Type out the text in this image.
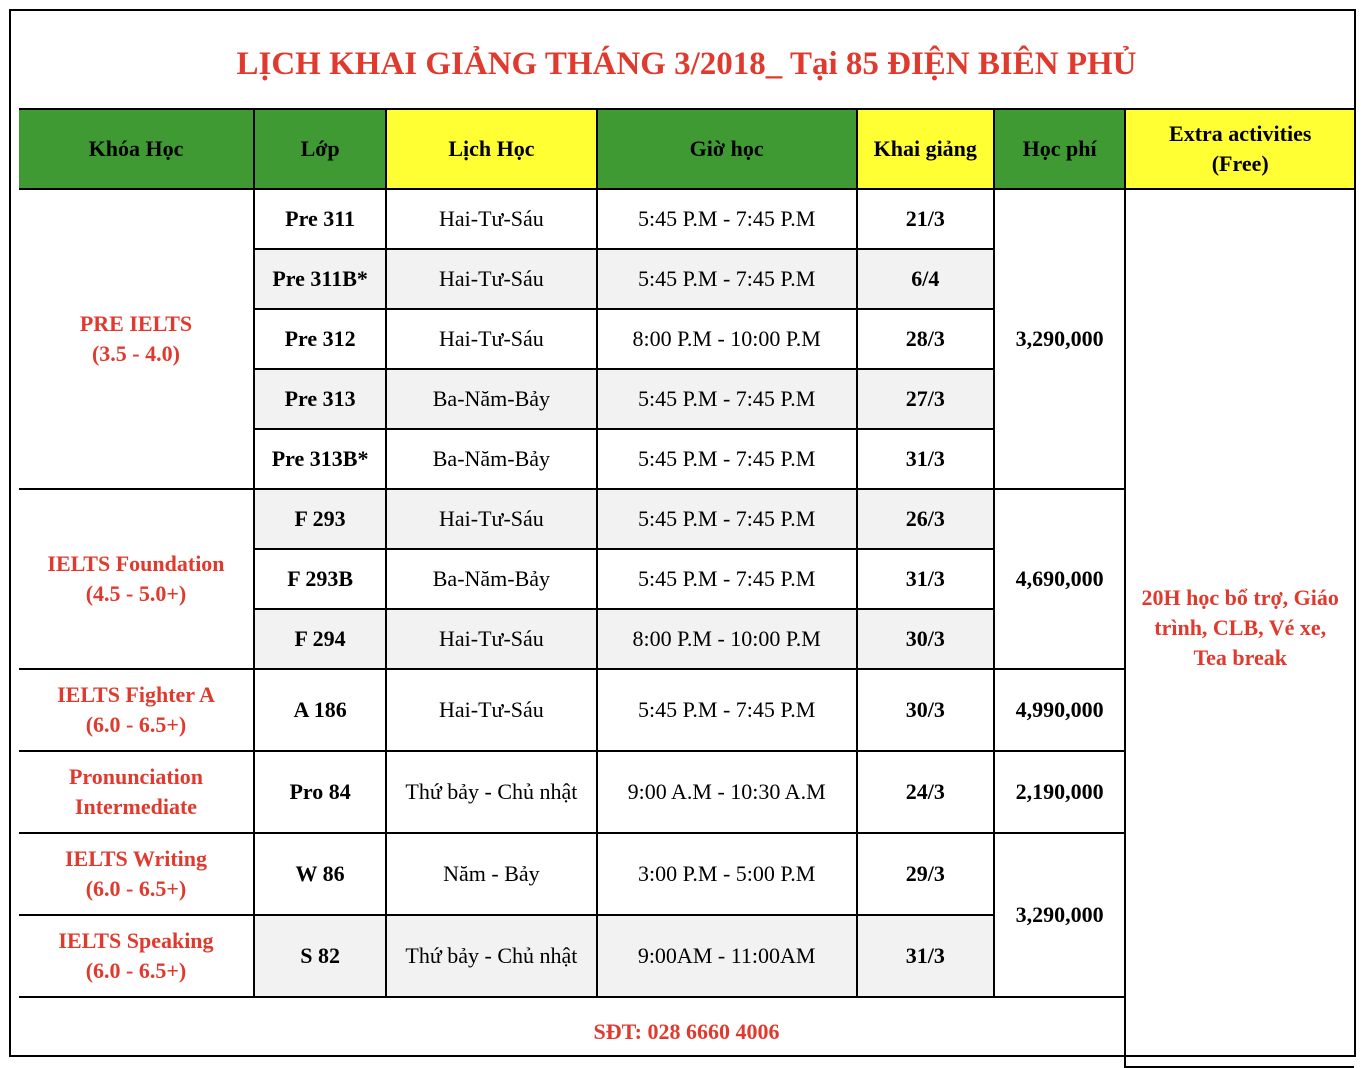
LỊCH KHAI GIẢNG THÁNG 3/2018_ Tại 85 ĐIỆN BIÊN PHỦ						
Khóa Học	Lớp	Lịch Học	Giờ học	Khai giảng	Học phí	Extra activities
(Free)
PRE IELTS
(3.5 - 4.0)	Pre 311	Hai-Tư-Sáu	5:45 P.M - 7:45 P.M	21/3	3,290,000	20H học bổ trợ, Giáo
trình, CLB, Vé xe,
Tea break
	Pre 311B*	Hai-Tư-Sáu	5:45 P.M - 7:45 P.M	6/4		
	Pre 312	Hai-Tư-Sáu	8:00 P.M - 10:00 P.M	28/3		
	Pre 313	Ba-Năm-Bảy	5:45 P.M - 7:45 P.M	27/3		
	Pre 313B*	Ba-Năm-Bảy	5:45 P.M - 7:45 P.M	31/3		
IELTS Foundation
(4.5 - 5.0+)	F 293	Hai-Tư-Sáu	5:45 P.M - 7:45 P.M	26/3	4,690,000	
	F 293B	Ba-Năm-Bảy	5:45 P.M - 7:45 P.M	31/3		
	F 294	Hai-Tư-Sáu	8:00 P.M - 10:00 P.M	30/3		
IELTS Fighter A
(6.0 - 6.5+)	A 186	Hai-Tư-Sáu	5:45 P.M - 7:45 P.M	30/3	4,990,000	
Pronunciation
Intermediate	Pro 84	Thứ bảy - Chủ nhật	9:00 A.M - 10:30 A.M	24/3	2,190,000	
IELTS Writing
(6.0 - 6.5+)	W 86	Năm - Bảy	3:00 P.M - 5:00 P.M	29/3	3,290,000	
IELTS Speaking
(6.0 - 6.5+)	S 82	Thứ bảy - Chủ nhật	9:00AM - 11:00AM	31/3		
SĐT: 028 6660 4006						
